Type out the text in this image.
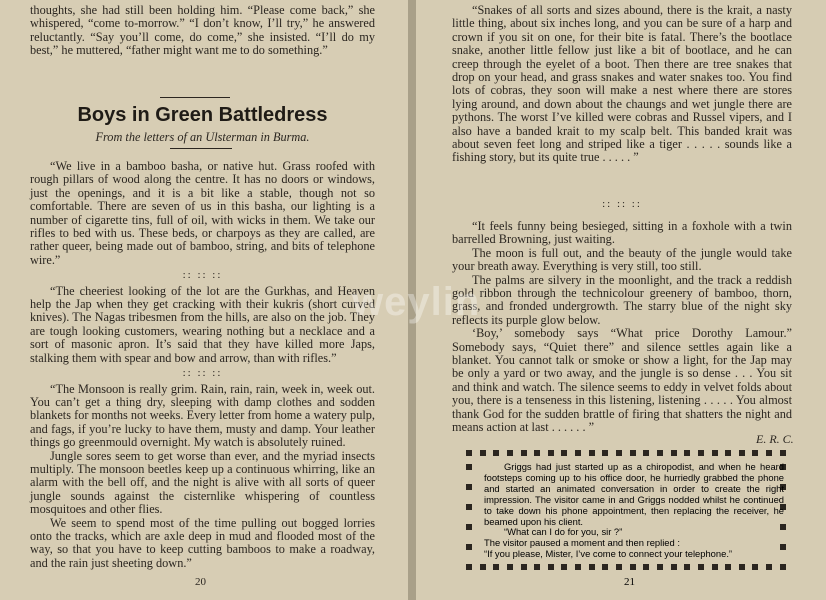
thoughts, she had still been holding him. “Please come back,” she whispered, “come to-morrow.” “I don’t know, I’ll try,” he answered reluctantly. “Say you’ll come, do come,” she insisted. “I’ll do my best,” he muttered, “father might want me to do something.”

Boys in Green Battledress
From the letters of an Ulsterman in Burma.

“We live in a bamboo basha, or native hut. Grass roofed with rough pillars of wood along the centre. It has no doors or windows, just the openings, and it is a bit like a stable, though not so comfortable. There are seven of us in this basha, our lighting is a number of cigarette tins, full of oil, with wicks in them. We take our rifles to bed with us. These beds, or charpoys as they are called, are rather queer, being made out of bamboo, string, and bits of telephone wire.”

:: :: ::

“The cheeriest looking of the lot are the Gurkhas, and Heaven help the Jap when they get cracking with their kukris (short curved knives). The Nagas tribesmen from the hills, are also on the job. They are tough looking customers, wearing nothing but a necklace and a sort of masonic apron. It’s said that they have killed more Japs, stalking them with spear and bow and arrow, than with rifles.”

:: :: ::

“The Monsoon is really grim. Rain, rain, rain, week in, week out. You can’t get a thing dry, sleeping with damp clothes and sodden blankets for months not weeks. Every letter from home a watery pulp, and fags, if you’re lucky to have them, musty and damp. Your leather things go greenmould overnight. My watch is absolutely ruined.

Jungle sores seem to get worse than ever, and the myriad insects multiply. The monsoon beetles keep up a continuous whirring, like an alarm with the bell off, and the night is alive with all sorts of queer jungle sounds against the cisternlike whispering of countless mosquitoes and other flies.

We seem to spend most of the time pulling out bogged lorries onto the tracks, which are axle deep in mud and flooded most of the way, so that you have to keep cutting bamboos to make a roadway, and the rain just sheeting down.”

20

“Snakes of all sorts and sizes abound, there is the krait, a nasty little thing, about six inches long, and you can be sure of a harp and crown if you sit on one, for their bite is fatal. There’s the bootlace snake, another little fellow just like a bit of bootlace, and he can creep through the eyelet of a boot. Then there are tree snakes that drop on your head, and grass snakes and water snakes too. You find lots of cobras, they soon will make a nest where there are stores lying around, and down about the chaungs and wet jungle there are pythons. The worst I’ve killed were cobras and Russel vipers, and I also have a banded krait to my scalp belt. This banded krait was about seven feet long and striped like a tiger . . . . . sounds like a fishing story, but its quite true . . . . . ”

:: :: ::

“It feels funny being besieged, sitting in a foxhole with a twin barrelled Browning, just waiting.

The moon is full out, and the beauty of the jungle would take your breath away. Everything is very still, too still.

The palms are silvery in the moonlight, and the track a reddish gold ribbon through the technicolour greenery of bamboo, thorn, grass, and fronded undergrowth. The starry blue of the night sky reflects its purple glow below.

‘Boy,’ somebody says “What price Dorothy Lamour.” Somebody says, “Quiet there” and silence settles again like a blanket. You cannot talk or smoke or show a light, for the Jap may be only a yard or two away, and the jungle is so dense . . . You sit and think and watch. The silence seems to eddy in velvet folds about you, there is a tenseness in this listening, listening . . . . . You almost thank God for the sudden brattle of firing that shatters the night and means action at last . . . . . . ”

E. R. C.

Griggs had just started up as a chiropodist, and when he heard footsteps coming up to his office door, he hurriedly grabbed the phone and started an animated conversation in order to create the right impression. The visitor came in and Griggs nodded whilst he continued to take down his phone appointment, then replacing the receiver, he beamed upon his client.

“What can I do for you, sir ?”

The visitor paused a moment and then replied :

“If you please, Mister, I’ve come to connect your telephone.”

21
weylin
